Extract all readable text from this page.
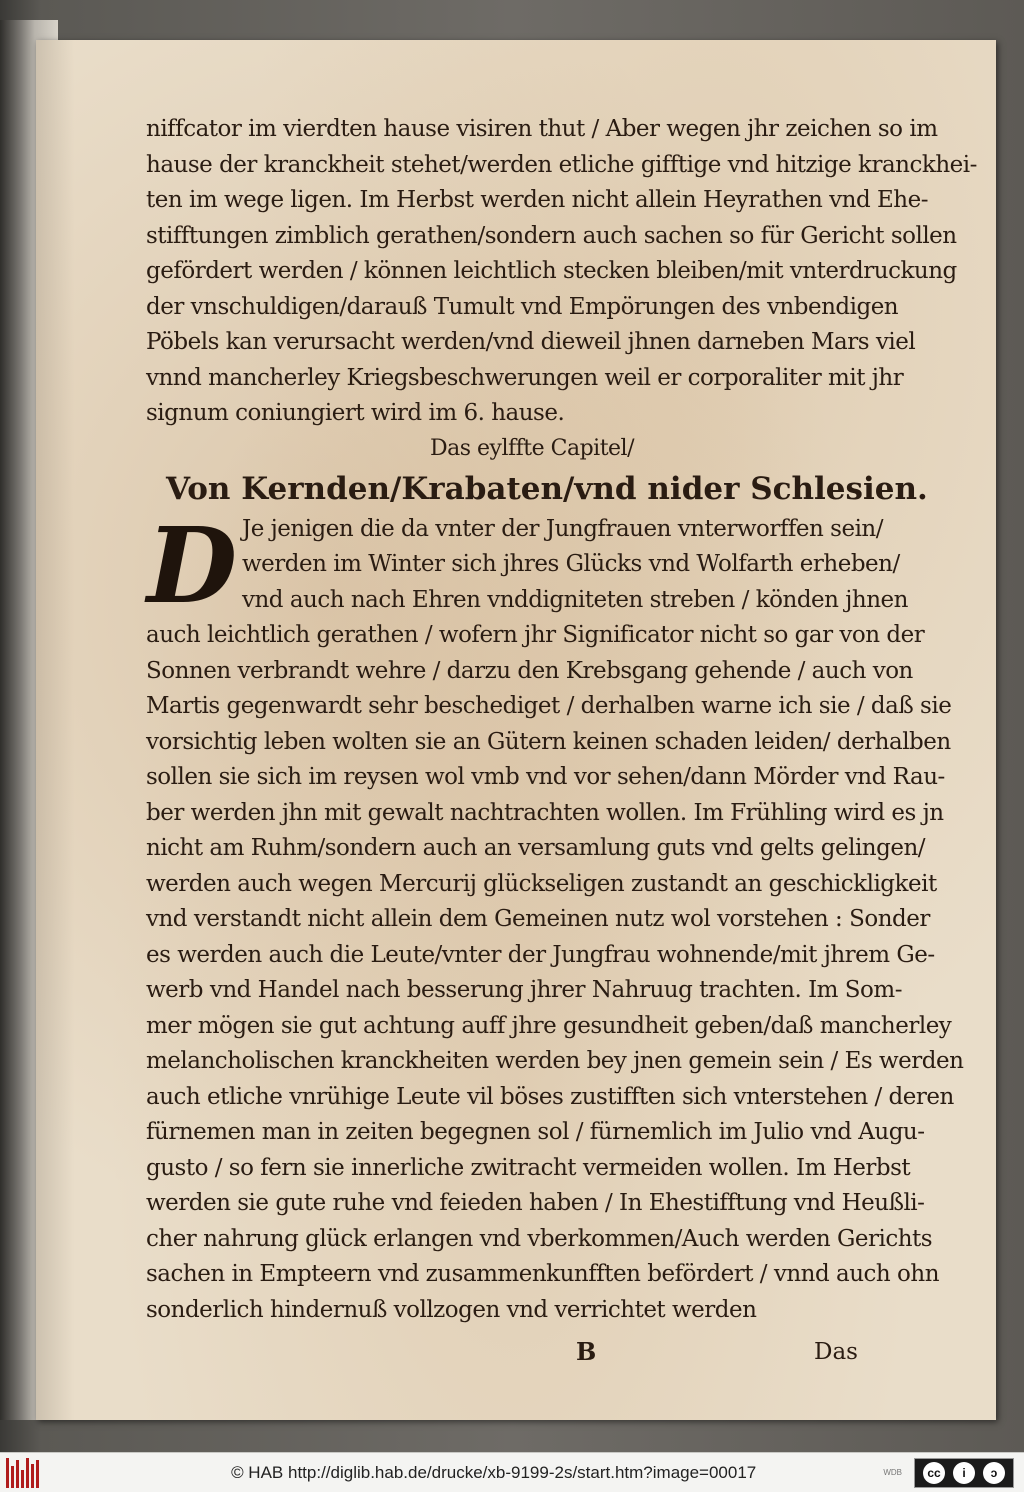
niffcator im vierdten hause visiren thut / Aber wegen jhr zeichen so im
hause der kranckheit stehet/werden etliche gifftige vnd hitzige kranckhei-
ten im wege ligen. Im Herbst werden nicht allein Heyrathen vnd Ehe-
stifftungen zimblich gerathen/sondern auch sachen so für Gericht sollen
gefördert werden / können leichtlich stecken bleiben/mit vnterdruckung
der vnschuldigen/darauß Tumult vnd Empörungen des vnbendigen
Pöbels kan verursacht werden/vnd dieweil jhnen darneben Mars viel
vnnd mancherley Kriegsbeschwerungen weil er corporaliter mit jhr
signum coniungiert wird im 6. hause.
Das eylffte Capitel/
Von Kernden/Krabaten/vnd nider Schlesien.
D Je jenigen die da vnter der Jungfrauen vnterworffen sein/
werden im Winter sich jhres Glücks vnd Wolfarth erheben/
vnd auch nach Ehren vnddigniteten streben / könden jhnen
auch leichtlich gerathen / wofern jhr Significator nicht so gar von der
Sonnen verbrandt wehre / darzu den Krebsgang gehende / auch von
Martis gegenwardt sehr beschediget / derhalben warne ich sie / daß sie
vorsichtig leben wolten sie an Gütern keinen schaden leiden/ derhalben
sollen sie sich im reysen wol vmb vnd vor sehen/dann Mörder vnd Rau-
ber werden jhn mit gewalt nachtrachten wollen. Im Frühling wird es jn
nicht am Ruhm/sondern auch an versamlung guts vnd gelts gelingen/
werden auch wegen Mercurij glückseligen zustandt an geschickligkeit
vnd verstandt nicht allein dem Gemeinen nutz wol vorstehen : Sonder
es werden auch die Leute/vnter der Jungfrau wohnende/mit jhrem Ge-
werb vnd Handel nach besserung jhrer Nahruug trachten. Im Som-
mer mögen sie gut achtung auff jhre gesundheit geben/daß mancherley
melancholischen kranckheiten werden bey jnen gemein sein / Es werden
auch etliche vnrühige Leute vil böses zustifften sich vnterstehen / deren
fürnemen man in zeiten begegnen sol / fürnemlich im Julio vnd Augu-
gusto / so fern sie innerliche zwitracht vermeiden wollen. Im Herbst
werden sie gute ruhe vnd feieden haben / In Ehestifftung vnd Heußli-
cher nahrung glück erlangen vnd vberkommen/Auch werden Gerichts
sachen in Empteern vnd zusammenkunfften befördert / vnnd auch ohn
sonderlich hindernuß vollzogen vnd verrichtet werden
B	Das
© HAB http://diglib.hab.de/drucke/xb-9199-2s/start.htm?image=00017	WDB	cc	i	ↄ
